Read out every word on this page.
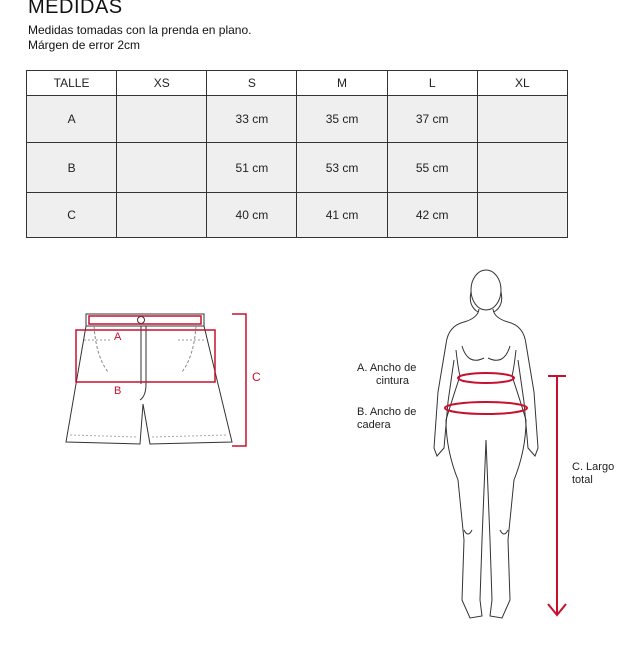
MEDIDAS
Medidas tomadas con la prenda en plano.
Márgen de error 2cm
TALLE	XS	S	M	L	XL
A		33 cm	35 cm	37 cm	
B		51 cm	53 cm	55 cm	
C		40 cm	41 cm	42 cm	
A
B
C
A. Ancho de
cintura
B. Ancho de
cadera
C. Largo
total
